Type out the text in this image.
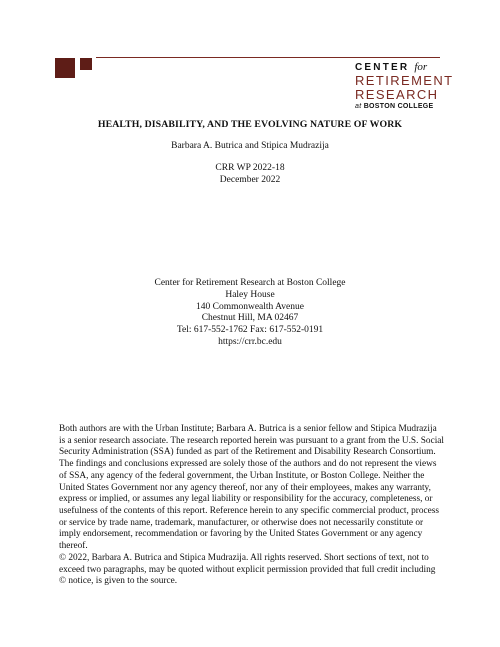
CENTER for
RETIREMENT
RESEARCH
at BOSTON COLLEGE
HEALTH, DISABILITY, AND THE EVOLVING NATURE OF WORK
Barbara A. Butrica and Stipica Mudrazija
CRR WP 2022-18
December 2022
Center for Retirement Research at Boston College
Haley House
140 Commonwealth Avenue
Chestnut Hill, MA 02467
Tel: 617-552-1762 Fax: 617-552-0191
https://crr.bc.edu
Both authors are with the Urban Institute; Barbara A. Butrica is a senior fellow and Stipica Mudrazija is a senior research associate. The research reported herein was pursuant to a grant from the U.S. Social Security Administration (SSA) funded as part of the Retirement and Disability Research Consortium. The findings and conclusions expressed are solely those of the authors and do not represent the views of SSA, any agency of the federal government, the Urban Institute, or Boston College. Neither the United States Government nor any agency thereof, nor any of their employees, makes any warranty, express or implied, or assumes any legal liability or responsibility for the accuracy, completeness, or usefulness of the contents of this report. Reference herein to any specific commercial product, process or service by trade name, trademark, manufacturer, or otherwise does not necessarily constitute or imply endorsement, recommendation or favoring by the United States Government or any agency thereof.
© 2022, Barbara A. Butrica and Stipica Mudrazija. All rights reserved. Short sections of text, not to exceed two paragraphs, may be quoted without explicit permission provided that full credit including © notice, is given to the source.
